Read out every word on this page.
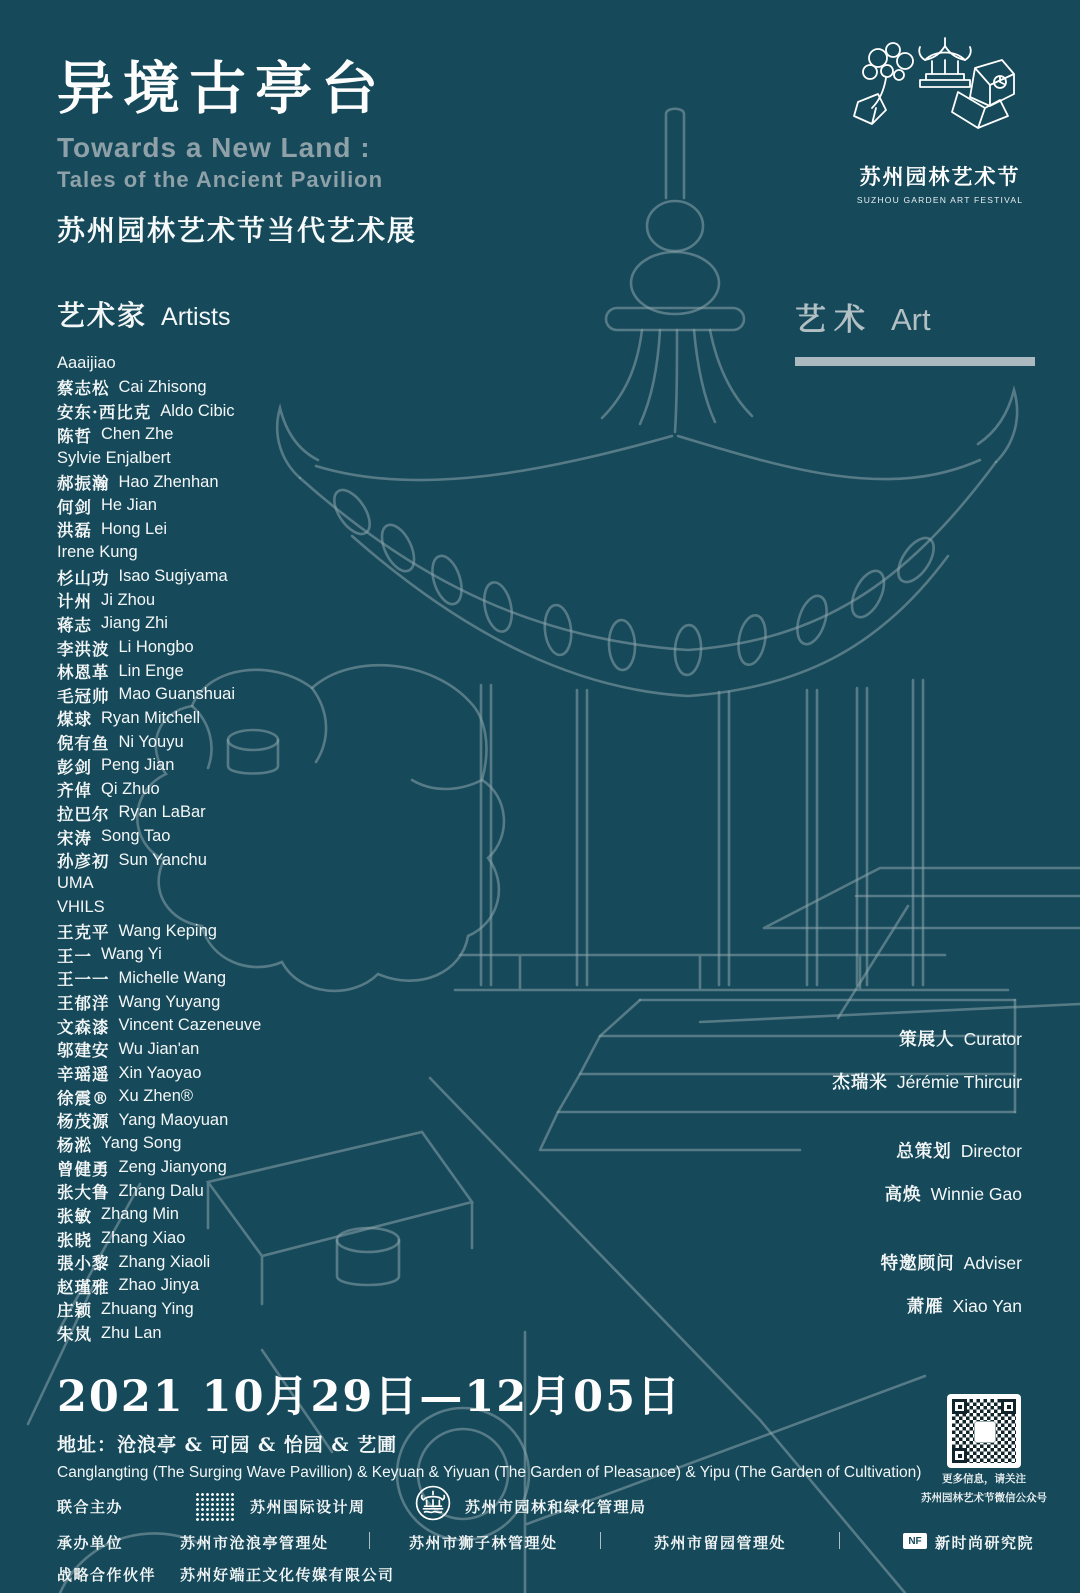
异境古亭台
Towards a New Land :
Tales of the Ancient Pavilion
苏州园林艺术节当代艺术展
苏州园林艺术节
SUZHOU GARDEN ART FESTIVAL
艺术家 Artists
Aaaijiao
蔡志松 Cai Zhisong
安东·西比克 Aldo Cibic
陈哲 Chen Zhe
Sylvie Enjalbert
郝振瀚 Hao Zhenhan
何剑 He Jian
洪磊 Hong Lei
Irene Kung
杉山功 Isao Sugiyama
计州 Ji Zhou
蒋志 Jiang Zhi
李洪波 Li Hongbo
林恩革 Lin Enge
毛冠帅 Mao Guanshuai
煤球 Ryan Mitchell
倪有鱼 Ni Youyu
彭剑 Peng Jian
齐倬 Qi Zhuo
拉巴尔 Ryan LaBar
宋涛 Song Tao
孙彦初 Sun Yanchu
UMA
VHILS
王克平 Wang Keping
王一 Wang Yi
王一一 Michelle Wang
王郁洋 Wang Yuyang
文森漆 Vincent Cazeneuve
邬建安 Wu Jian'an
辛瑶遥 Xin Yaoyao
徐震® Xu Zhen®
杨茂源 Yang Maoyuan
杨淞 Yang Song
曾健勇 Zeng Jianyong
张大鲁 Zhang Dalu
张敏 Zhang Min
张晓 Zhang Xiao
張小黎 Zhang Xiaoli
赵瑾雅 Zhao Jinya
庄颖 Zhuang Ying
朱岚 Zhu Lan
艺术 Art
策展人 Curator
杰瑞米 Jérémie Thircuir
总策划 Director
高焕 Winnie Gao
特邀顾问 Adviser
萧雁 Xiao Yan
2021 10月29日—12月05日
地址：沧浪亭 & 可园 & 怡园 & 艺圃
Canglangting (The Surging Wave Pavillion) & Keyuan & Yiyuan (The Garden of Pleasance) & Yipu (The Garden of Cultivation)
联合主办	苏州国际设计周	苏州市园林和绿化管理局
承办单位	苏州市沧浪亭管理处	苏州市狮子林管理处	苏州市留园管理处	NF 新时尚研究院
战略合作伙伴 苏州好端正文化传媒有限公司
更多信息，请关注
苏州园林艺术节微信公众号
